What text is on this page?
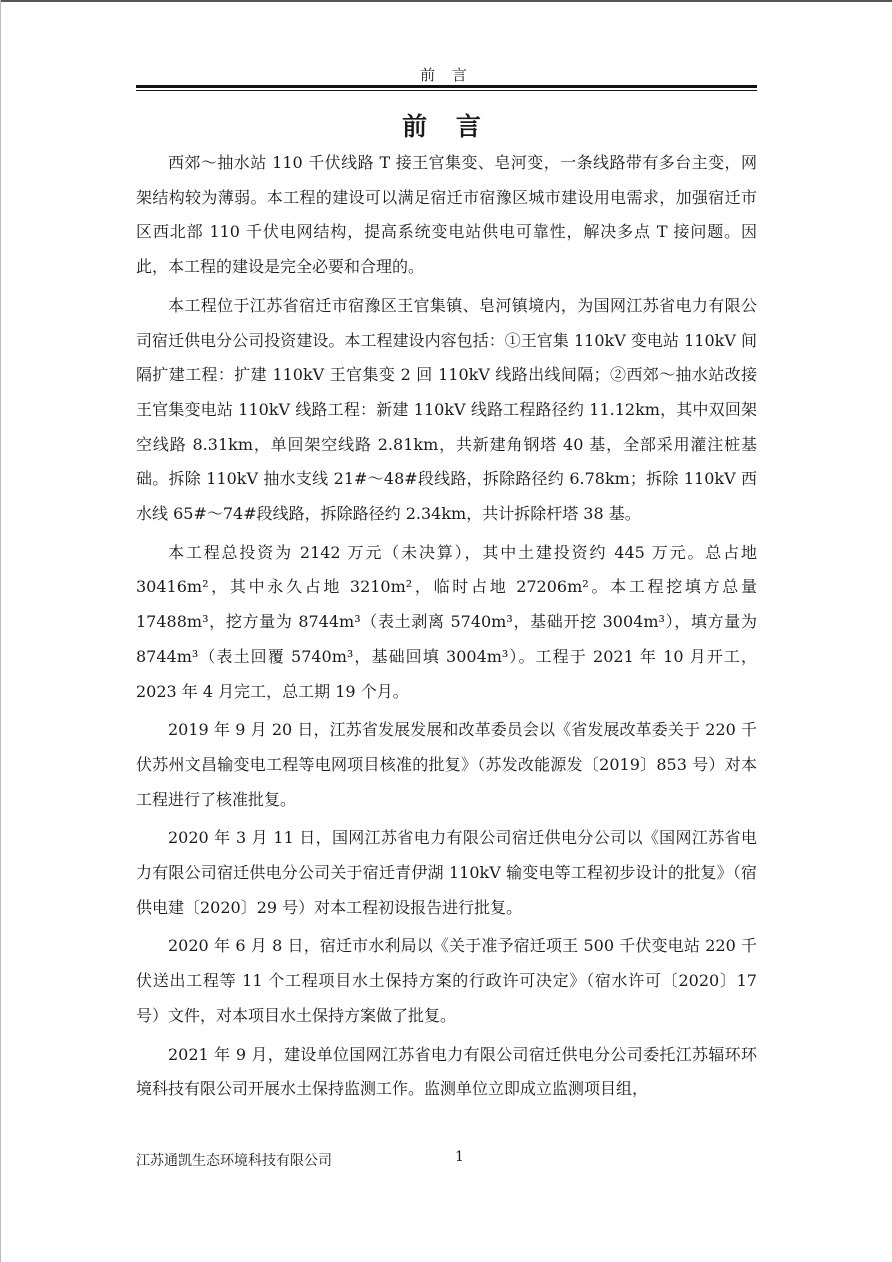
前 言
前 言

西郊～抽水站 110 千伏线路 T 接王官集变、皂河变，一条线路带有多台主变，网架结构较为薄弱。本工程的建设可以满足宿迁市宿豫区城市建设用电需求，加强宿迁市区西北部 110 千伏电网结构，提高系统变电站供电可靠性，解决多点 T 接问题。因此，本工程的建设是完全必要和合理的。

本工程位于江苏省宿迁市宿豫区王官集镇、皂河镇境内，为国网江苏省电力有限公司宿迁供电分公司投资建设。本工程建设内容包括：①王官集 110kV 变电站 110kV 间隔扩建工程：扩建 110kV 王官集变 2 回 110kV 线路出线间隔；②西郊～抽水站改接王官集变电站 110kV 线路工程：新建 110kV 线路工程路径约 11.12km，其中双回架空线路 8.31km，单回架空线路 2.81km，共新建角钢塔 40 基，全部采用灌注桩基础。拆除 110kV 抽水支线 21#～48#段线路，拆除路径约 6.78km；拆除 110kV 西水线 65#～74#段线路，拆除路径约 2.34km，共计拆除杆塔 38 基。

本工程总投资为 2142 万元（未决算），其中土建投资约 445 万元。总占地 30416m²，其中永久占地 3210m²，临时占地 27206m²。本工程挖填方总量 17488m³，挖方量为 8744m³（表土剥离 5740m³，基础开挖 3004m³），填方量为 8744m³（表土回覆 5740m³，基础回填 3004m³）。工程于 2021 年 10 月开工，2023 年 4 月完工，总工期 19 个月。

2019 年 9 月 20 日，江苏省发展发展和改革委员会以《省发展改革委关于 220 千伏苏州文昌输变电工程等电网项目核准的批复》（苏发改能源发〔2019〕853 号）对本工程进行了核准批复。

2020 年 3 月 11 日，国网江苏省电力有限公司宿迁供电分公司以《国网江苏省电力有限公司宿迁供电分公司关于宿迁青伊湖 110kV 输变电等工程初步设计的批复》（宿供电建〔2020〕29 号）对本工程初设报告进行批复。

2020 年 6 月 8 日，宿迁市水利局以《关于准予宿迁项王 500 千伏变电站 220 千伏送出工程等 11 个工程项目水土保持方案的行政许可决定》（宿水许可〔2020〕17 号）文件，对本项目水土保持方案做了批复。

2021 年 9 月，建设单位国网江苏省电力有限公司宿迁供电分公司委托江苏辐环环境科技有限公司开展水土保持监测工作。监测单位立即成立监测项目组，

江苏通凯生态环境科技有限公司	1
